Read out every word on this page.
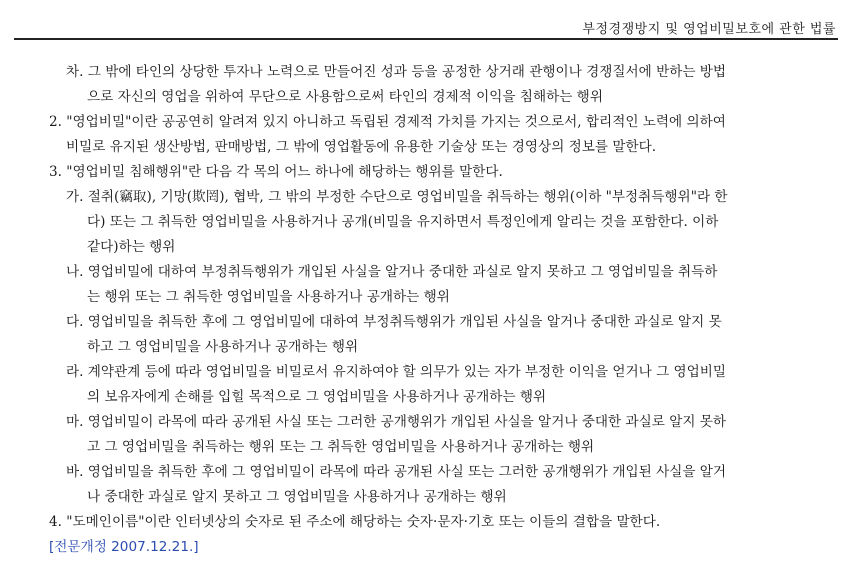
부정경쟁방지 및 영업비밀보호에 관한 법률
차. 그 밖에 타인의 상당한 투자나 노력으로 만들어진 성과 등을 공정한 상거래 관행이나 경쟁질서에 반하는 방법
으로 자신의 영업을 위하여 무단으로 사용함으로써 타인의 경제적 이익을 침해하는 행위
2. "영업비밀"이란 공공연히 알려져 있지 아니하고 독립된 경제적 가치를 가지는 것으로서, 합리적인 노력에 의하여
비밀로 유지된 생산방법, 판매방법, 그 밖에 영업활동에 유용한 기술상 또는 경영상의 정보를 말한다.
3. "영업비밀 침해행위"란 다음 각 목의 어느 하나에 해당하는 행위를 말한다.
가. 절취(竊取), 기망(欺罔), 협박, 그 밖의 부정한 수단으로 영업비밀을 취득하는 행위(이하 "부정취득행위"라 한
다) 또는 그 취득한 영업비밀을 사용하거나 공개(비밀을 유지하면서 특정인에게 알리는 것을 포함한다. 이하
같다)하는 행위
나. 영업비밀에 대하여 부정취득행위가 개입된 사실을 알거나 중대한 과실로 알지 못하고 그 영업비밀을 취득하
는 행위 또는 그 취득한 영업비밀을 사용하거나 공개하는 행위
다. 영업비밀을 취득한 후에 그 영업비밀에 대하여 부정취득행위가 개입된 사실을 알거나 중대한 과실로 알지 못
하고 그 영업비밀을 사용하거나 공개하는 행위
라. 계약관계 등에 따라 영업비밀을 비밀로서 유지하여야 할 의무가 있는 자가 부정한 이익을 얻거나 그 영업비밀
의 보유자에게 손해를 입힐 목적으로 그 영업비밀을 사용하거나 공개하는 행위
마. 영업비밀이 라목에 따라 공개된 사실 또는 그러한 공개행위가 개입된 사실을 알거나 중대한 과실로 알지 못하
고 그 영업비밀을 취득하는 행위 또는 그 취득한 영업비밀을 사용하거나 공개하는 행위
바. 영업비밀을 취득한 후에 그 영업비밀이 라목에 따라 공개된 사실 또는 그러한 공개행위가 개입된 사실을 알거
나 중대한 과실로 알지 못하고 그 영업비밀을 사용하거나 공개하는 행위
4. "도메인이름"이란 인터넷상의 숫자로 된 주소에 해당하는 숫자·문자·기호 또는 이들의 결합을 말한다.
[전문개정 2007.12.21.]
